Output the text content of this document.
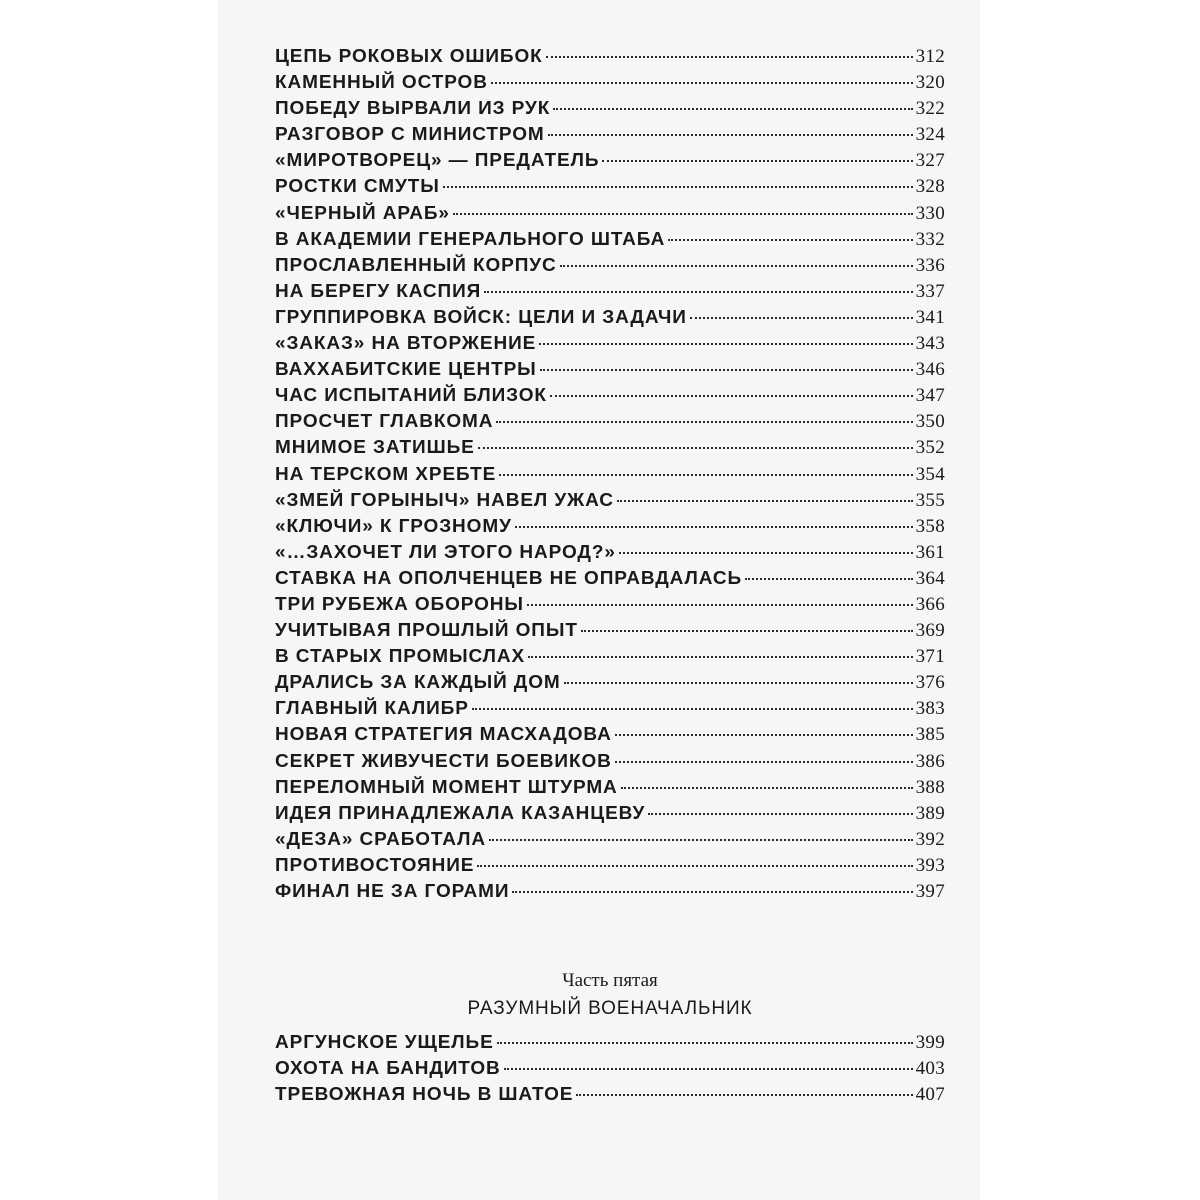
ЦЕПЬ РОКОВЫХ ОШИБОК	312
КАМЕННЫЙ ОСТРОВ	320
ПОБЕДУ ВЫРВАЛИ ИЗ РУК	322
РАЗГОВОР С МИНИСТРОМ	324
«МИРОТВОРЕЦ» — ПРЕДАТЕЛЬ	327
РОСТКИ СМУТЫ	328
«ЧЕРНЫЙ АРАБ»	330
В АКАДЕМИИ ГЕНЕРАЛЬНОГО ШТАБА	332
ПРОСЛАВЛЕННЫЙ КОРПУС	336
НА БЕРЕГУ КАСПИЯ	337
ГРУППИРОВКА ВОЙСК: ЦЕЛИ И ЗАДАЧИ	341
«ЗАКАЗ» НА ВТОРЖЕНИЕ	343
ВАХХАБИТСКИЕ ЦЕНТРЫ	346
ЧАС ИСПЫТАНИЙ БЛИЗОК	347
ПРОСЧЕТ ГЛАВКОМА	350
МНИМОЕ ЗАТИШЬЕ	352
НА ТЕРСКОМ ХРЕБТЕ	354
«ЗМЕЙ ГОРЫНЫЧ» НАВЕЛ УЖАС	355
«КЛЮЧИ» К ГРОЗНОМУ	358
«…ЗАХОЧЕТ ЛИ ЭТОГО НАРОД?»	361
СТАВКА НА ОПОЛЧЕНЦЕВ НЕ ОПРАВДАЛАСЬ	364
ТРИ РУБЕЖА ОБОРОНЫ	366
УЧИТЫВАЯ ПРОШЛЫЙ ОПЫТ	369
В СТАРЫХ ПРОМЫСЛАХ	371
ДРАЛИСЬ ЗА КАЖДЫЙ ДОМ	376
ГЛАВНЫЙ КАЛИБР	383
НОВАЯ СТРАТЕГИЯ МАСХАДОВА	385
СЕКРЕТ ЖИВУЧЕСТИ БОЕВИКОВ	386
ПЕРЕЛОМНЫЙ МОМЕНТ ШТУРМА	388
ИДЕЯ ПРИНАДЛЕЖАЛА КАЗАНЦЕВУ	389
«ДЕЗА» СРАБОТАЛА	392
ПРОТИВОСТОЯНИЕ	393
ФИНАЛ НЕ ЗА ГОРАМИ	397
Часть пятая
РАЗУМНЫЙ ВОЕНАЧАЛЬНИК
АРГУНСКОЕ УЩЕЛЬЕ	399
ОХОТА НА БАНДИТОВ	403
ТРЕВОЖНАЯ НОЧЬ В ШАТОЕ	407
